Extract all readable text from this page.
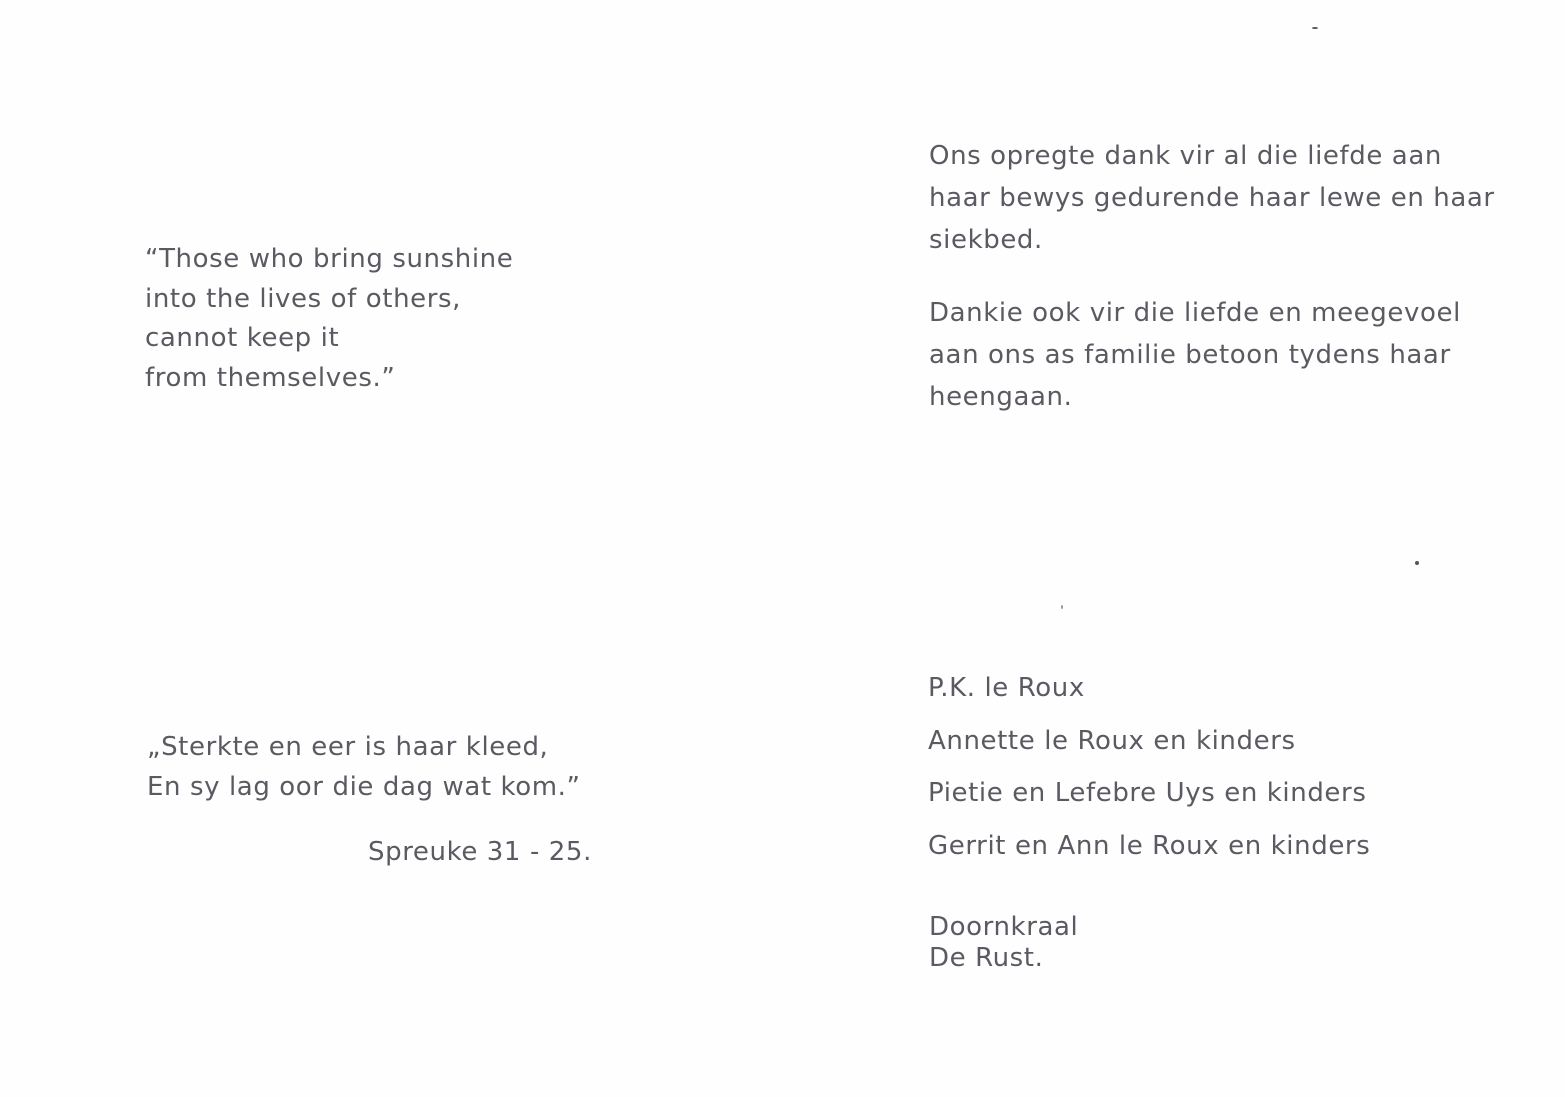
“Those who bring sunshine
into the lives of others,
cannot keep it
from themselves.”
„Sterkte en eer is haar kleed,
En sy lag oor die dag wat kom.”
Spreuke 31 - 25.
Ons opregte dank vir al die liefde aan
haar bewys gedurende haar lewe en haar
siekbed.
Dankie ook vir die liefde en meegevoel
aan ons as familie betoon tydens haar
heengaan.
P.K. le Roux
Annette le Roux en kinders
Pietie en Lefebre Uys en kinders
Gerrit en Ann le Roux en kinders
Doornkraal
De Rust.
